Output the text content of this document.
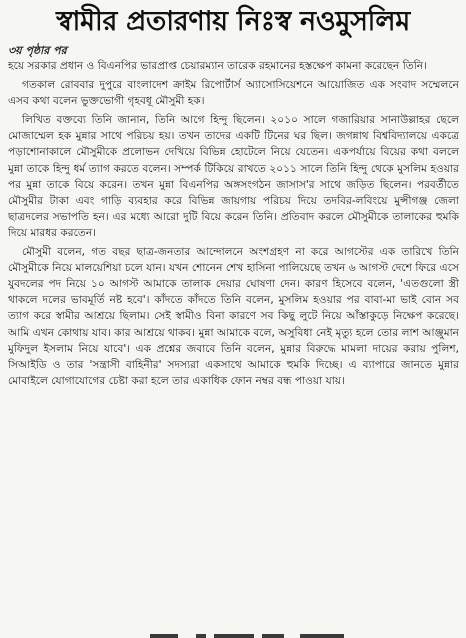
স্বামীর প্রতারণায় নিঃস্ব নওমুসলিম
৩য় পৃষ্ঠার পর

হয়ে সরকার প্রধান ও বিএনপির ভারপ্রাপ্ত চেয়ারম্যান তারেক রহমানের হস্তক্ষেপ কামনা করেছেন তিনি।

গতকাল রোববার দুপুরে বাংলাদেশ ক্রাইম রিপোর্টার্স অ্যাসোসিয়েশনে আয়োজিত এক সংবাদ সম্মেলনে এসব কথা বলেন ভুক্তভোগী গৃহবধূ মৌসুমী হক।

লিখিত বক্তব্যে তিনি জানান, তিনি আগে হিন্দু ছিলেন। ২০১০ সালে গজারিয়ার সানাউল্লাহর ছেলে মোজাম্মেল হক মুন্নার সাথে পরিচয় হয়। তখন তাদের একটি টিনের ঘর ছিল। জগন্নাথ বিশ্ববিদ্যালয়ে একত্রে পড়াশোনাকালে মৌসুমীকে প্রলোভন দেখিয়ে বিভিন্ন হোটেলে নিয়ে যেতেন। একপর্যায়ে বিয়ের কথা বললে মুন্না তাকে হিন্দু ধর্ম ত্যাগ করতে বলেন। সম্পর্ক টিকিয়ে রাখতে ২০১১ সালে তিনি হিন্দু থেকে মুসলিম হওয়ার পর মুন্না তাকে বিয়ে করেন। তখন মুন্না বিএনপির অঙ্গসংগঠন জাসাস'র সাথে জড়িত ছিলেন। পরবর্তীতে মৌসুমীর টাকা এবং গাড়ি ব্যবহার করে বিভিন্ন জায়গায় পরিচয় দিয়ে তদবির-লবিংয়ে মুন্সীগঞ্জ জেলা ছাত্রদলের সভাপতি হন। এর মধ্যে আরো দুটি বিয়ে করেন তিনি। প্রতিবাদ করলে মৌসুমীকে তালাকের হুমকি দিয়ে মারধর করতেন।

মৌসুমী বলেন, গত বছর ছাত্র-জনতার আন্দোলনে অংশগ্রহণ না করে আগস্টের এক তারিখে তিনি মৌসুমীকে নিয়ে মালয়েশিয়া চলে যান। যখন শোনেন শেখ হাসিনা পালিয়েছে তখন ৬ আগস্ট দেশে ফিরে এসে যুবদলের পদ নিয়ে ১০ আগস্ট আমাকে তালাক দেয়ার ঘোষণা দেন। কারণ হিসেবে বলেন, 'এতগুলো স্ত্রী থাকলে দলের ভাবমূর্তি নষ্ট হবে'। কাঁদতে কাঁদতে তিনি বলেন, মুসলিম হওয়ার পর বাবা-মা ভাই বোন সব ত্যাগ করে স্বামীর আশ্রয়ে ছিলাম। সেই স্বামীও বিনা কারণে সব কিছু লুটে নিয়ে আঁস্তাকুড়ে নিক্ষেপ করেছে। আমি এখন কোথায় যাব। কার আশ্রয়ে থাকব। মুন্না আমাকে বলে, অসুবিধা নেই মৃত্যু হলে তোর লাশ আঞ্জুমান মুফিদুল ইসলাম নিয়ে যাবে'। এক প্রশ্নের জবাবে তিনি বলেন, মুন্নার বিরুদ্ধে মামলা দায়ের করায় পুলিশ, সিআইডি ও তার 'সন্ত্রাসী বাহিনীর' সদস্যরা একসাথে আমাকে হুমকি দিচ্ছে। এ ব্যাপারে জানতে মুন্নার মোবাইলে যোগাযোগের চেষ্টা করা হলে তার একাধিক ফোন নম্বর বন্ধ পাওয়া যায়।
